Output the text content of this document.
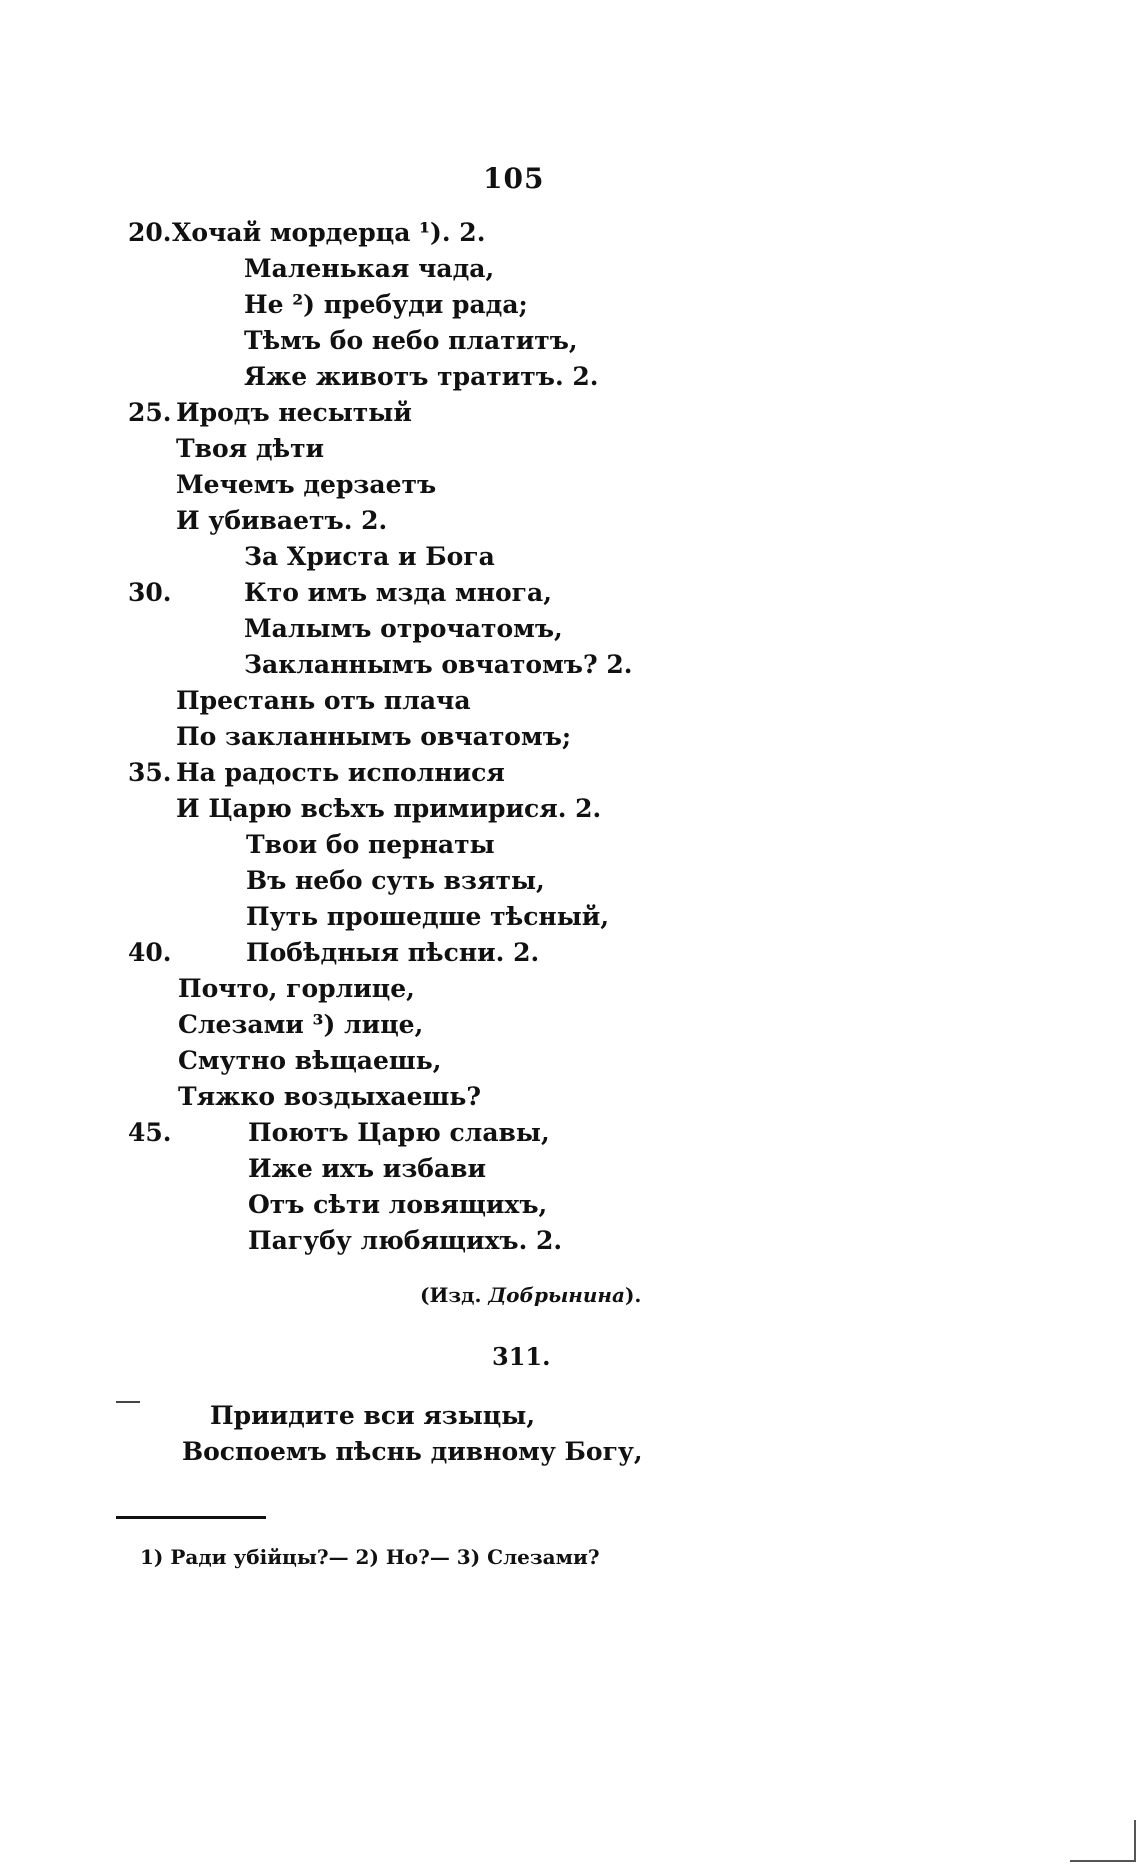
105
20. Хочай мордерца ¹). 2.
Маленькая чада,
Не ²) пребуди рада;
Тѣмъ бо небо платитъ,
Яже животъ тратитъ. 2.
25. Иродъ несытый
Твоя дѣти
Мечемъ дерзаетъ
И убиваетъ. 2.
За Христа и Бога
30.	Кто имъ мзда многа,
Малымъ отрочатомъ,
Закланнымъ овчатомъ? 2.
Престань отъ плача
По закланнымъ овчатомъ;
35. На радость исполнися
И Царю всѣхъ примирися. 2.
Твои бо пернаты
Въ небо суть взяты,
Путь прошедше тѣсный,
40.	Побѣдныя пѣсни. 2.
Почто, горлице,
Слезами ³) лице,
Смутно вѣщаешь,
Тяжко воздыхаешь?
45.	Поютъ Царю славы,
Иже ихъ избави
Отъ сѣти ловящихъ,
Пагубу любящихъ. 2.
(Изд. Добрынина).
311.
Приидите вси языцы,
Воспоемъ пѣснь дивному Богу,
1) Ради убійцы?— 2) Но?— 3) Слезами?
